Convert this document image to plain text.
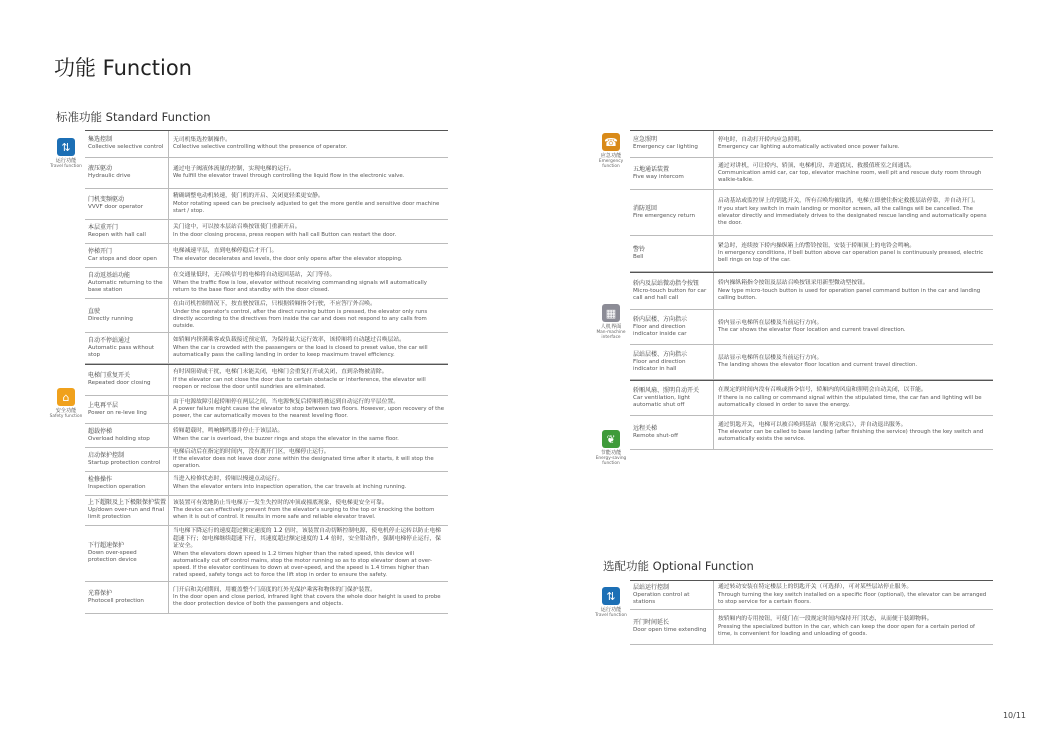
功能 Function
标准功能 Standard Function
选配功能 Optional Function
⇅
运行功能
Travel function
⌂
安全功能
Safety function
☎
应急功能
Emergency function
▦
人机界面
Man-machine interface
❦
节能功能
Energy-saving function
⇅
运行功能
Travel function
集选控制
Collective selective control
无司机集选控制操作。
Collective selective controlling without the presence of operator.
液压驱动
Hydraulic drive
通过电子阀液体流量的控制，实现电梯的运行。
We fulfill the elevator travel through controlling the liquid flow in the electronic valve.
门机变频驱动
VVVF door operator
精确调整电动机转速，使门机的开启、关闭更轻柔更安静。
Motor rotating speed can be precisely adjusted to get the more gentle and sensitive door machine start / stop.
本层重开门
Reopen with hall call
关门途中，可以按本层站召唤按钮使门重新开启。
In the door closing process, press reopen with hall call Button can restart the door.
停梯开门
Car stops and door open
电梯减速平层，直到电梯停稳后才开门。
The elevator decelerates and levels, the door only opens after the elevator stopping.
自动返基站功能
Automatic returning to the base station
在交通量低时，无召唤信号的电梯将自动返回基站，关门等待。
When the traffic flow is low, elevator without receiving commanding signals will automatically return to the base floor and standby with the door closed.
直驶
Directly running
在由司机控制情况下，按直驶按钮后，只根据轿厢指令行驶，不应答厅外召唤。
Under the operator's control, after the direct running button is pressed, the elevator only runs directly according to the directives from inside the car and does not respond to any calls from outside.
自动不停站通过
Automatic pass without stop
如轿厢内挤满乘客或负载接近预定值，为保持最大运行效率，该轿厢将自动越过召唤层站。
When the car is crowded with the passengers or the load is closed to preset value, the car will automatically pass the calling landing in order to keep maximum travel efficiency.
电梯门重复开关
Repeated door closing
有时因阻碍或干扰，电梯门未能关闭，电梯门会重复打开或关闭，直到杂物被清除。
If the elevator can not close the door due to certain obstacle or interference, the elevator will reopen or reclose the door until sundries are eliminated.
上电再平层
Power on re-leve ling
由于电源故障引起轿厢停在两层之间，当电源恢复后轿厢将被运到自动运行的平层位置。
A power failure might cause the elevator to stop between two floors. However, upon recovery of the power, the car automatically moves to the nearest leveling floor.
超载停梯
Overload holding stop
轿厢超载时，鸣响蜂鸣器并停止于该层站。
When the car is overload, the buzzer rings and stops the elevator in the same floor.
启动保护控制
Startup protection control
电梯启动后在指定的时间内，没有离开门区，电梯停止运行。
If the elevator does not leave door zone within the designated time after it starts, it will stop the operation.
检修操作
Inspection operation
当进入检修状态时，轿厢以慢速点动运行。
When the elevator enters into inspection operation, the car travels at inching running.
上下超限及上下极限保护装置
Up/down over-run and final limit protection
该装置可有效地防止当电梯万一发生失控时的冲顶或撞底现象，使电梯更安全可靠。
The device can effectively prevent from the elevator's surging to the top or knocking the bottom when it is out of control. It results in more safe and reliable elevator travel.
下行超速保护
Down over-speed protection device
当电梯下降运行的速度超过额定速度的 1.2 倍时，该装置自动切断控制电源，使电机停止运转以防止电梯超速下行；如电梯继续超速下行，其速度超过额定速度的 1.4 倍时，安全钳动作，强制电梯停止运行，保证安全。
When the elevators down speed is 1.2 times higher than the rated speed, this device will automatically cut off control mains, stop the motor running so as to stop elevator down at over-speed. If the elevator continues to down at over-speed, and the speed is 1.4 times higher than rated speed, safety tongs act to force the lift stop in order to ensure the safety.
光幕保护
Photocell protection
门开启和关闭期间，用覆盖整个门高度的红外光保护乘客和物体的门保护装置。
In the door open and close period, infrared light that covers the whole door height is used to probe the door protection device of both the passengers and objects.
应急照明
Emergency car lighting
停电时，自动打开轿内应急照明。
Emergency car lighting automatically activated once power failure.
五地通话装置
Five way intercom
通过对讲机，可让轿内、轿顶、电梯机房、井道底坑、救援值班室之间通话。
Communication amid car, car top, elevator machine room, well pit and rescue duty room through walkie-talkie.
消防返回
Fire emergency return
启动基站或监控屏上的钥匙开关，所有召唤均被取消，电梯立即驶往指定救援层站停靠，并自动开门。
If you start key switch in main landing or monitor screen, all the callings will be cancelled. The elevator directly and immediately drives to the designated rescue landing and automatically opens the door.
警铃
Bell
紧急时，连续按下轿内操纵箱上的警铃按钮，安装于轿厢顶上的电铃会鸣响。
In emergency conditions, if bell button above car operation panel is continuously pressed, electric bell rings on top of the car.
轿内及层站微动指令按钮
Micro-touch button for car call and hall call
轿内操纵箱指令按钮及层站召唤按钮采用新型微动型按钮。
New type micro-touch button is used for operation panel command button in the car and landing calling button.
轿内层楼、方向指示
Floor and direction indicator inside car
轿内显示电梯所在层楼及当前运行方向。
The car shows the elevator floor location and current travel direction.
层站层楼、方向指示
Floor and direction indicator in hall
层站显示电梯所在层楼及当前运行方向。
The landing shows the elevator floor location and current travel direction.
轿厢风扇、照明自动开关
Car ventilation, light automatic shut off
在规定的时间内没有召唤或指令信号，轿厢内的风扇和照明会自动关闭，以节能。
If there is no calling or command signal within the stipulated time, the car fan and lighting will be automatically closed in order to save the energy.
远程关梯
Remote shut-off
通过钥匙开关，电梯可以被召唤到基站（服务完成后），并自动退出服务。
The elevator can be called to base landing (after finishing the service) through the key switch and automatically exists the service.
层站运行控制
Operation control at stations
通过转动安装在特定楼层上的钥匙开关（可选择），可对某些层站停止服务。
Through turning the key switch installed on a specific floor (optional), the elevator can be arranged to stop service for a certain floors.
开门时间延长
Door open time extending
按轿厢内的专用按钮，可使门在一段规定时间内保持开门状态，从而便于装卸物料。
Pressing the specialized button in the car, which can keep the door open for a certain period of time, is convenient for loading and unloading of goods.
10/11
